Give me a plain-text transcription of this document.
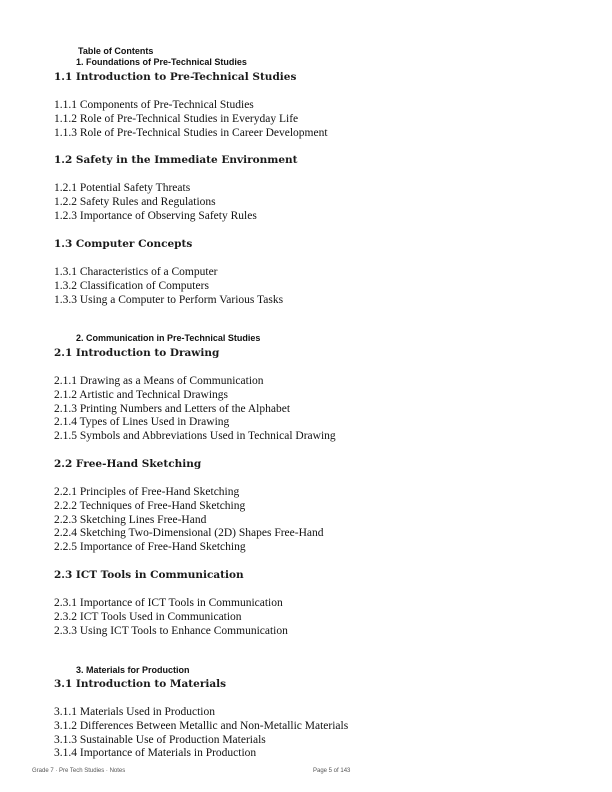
Table of Contents
1. Foundations of Pre-Technical Studies
1.1 Introduction to Pre-Technical Studies
1.1.1 Components of Pre-Technical Studies
1.1.2 Role of Pre-Technical Studies in Everyday Life
1.1.3 Role of Pre-Technical Studies in Career Development
1.2 Safety in the Immediate Environment
1.2.1 Potential Safety Threats
1.2.2 Safety Rules and Regulations
1.2.3 Importance of Observing Safety Rules
1.3 Computer Concepts
1.3.1 Characteristics of a Computer
1.3.2 Classification of Computers
1.3.3 Using a Computer to Perform Various Tasks
2. Communication in Pre-Technical Studies
2.1 Introduction to Drawing
2.1.1 Drawing as a Means of Communication
2.1.2 Artistic and Technical Drawings
2.1.3 Printing Numbers and Letters of the Alphabet
2.1.4 Types of Lines Used in Drawing
2.1.5 Symbols and Abbreviations Used in Technical Drawing
2.2 Free-Hand Sketching
2.2.1 Principles of Free-Hand Sketching
2.2.2 Techniques of Free-Hand Sketching
2.2.3 Sketching Lines Free-Hand
2.2.4 Sketching Two-Dimensional (2D) Shapes Free-Hand
2.2.5 Importance of Free-Hand Sketching
2.3 ICT Tools in Communication
2.3.1 Importance of ICT Tools in Communication
2.3.2 ICT Tools Used in Communication
2.3.3 Using ICT Tools to Enhance Communication
3. Materials for Production
3.1 Introduction to Materials
3.1.1 Materials Used in Production
3.1.2 Differences Between Metallic and Non-Metallic Materials
3.1.3 Sustainable Use of Production Materials
3.1.4 Importance of Materials in Production
Grade 7 · Pre Tech Studies · Notes	Page 5 of 143
